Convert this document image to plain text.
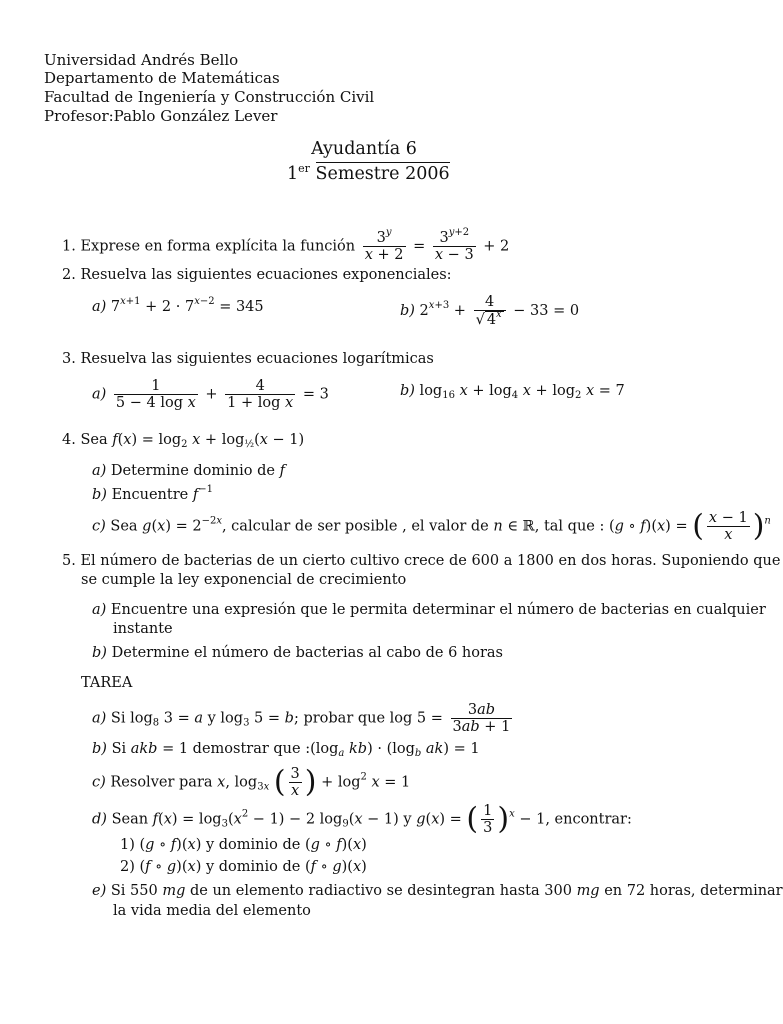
Universidad Andrés Bello
Departamento de Matemáticas
Facultad de Ingeniería y Construcción Civil
Profesor:Pablo González Lever
Ayudantía 6
1er Semestre 2006
1. Exprese en forma explícita la función $\frac{3^y}{x + 2} = \frac{3^{y+2}}{x - 3} + 2$
2. Resuelva las siguientes ecuaciones exponenciales:
a) $7^{x+1} + 2 \cdot 7^{x-2} = 345$	b) $2^{x+3} + \frac{4}{√ 4^x} - 33 = 0$
3. Resuelva las siguientes ecuaciones logarítmicas
$a) \frac{1}{\text{5 − 4 log x}} + \frac{4}{\text{1 + log x}} = 3$	b) $\log_{16} x + \log_4 x + \log_2 x = 7$
4. Sea $f(x) = \log_2 x + \log_{\frac{1}{2}}(x - 1)$
a) Determine dominio de f
b) Encuentre $f^{-1}$
c) Sea $g(x) = 2^{-2x}$, calcular de ser posible , el valor de n ∈ ℝ, tal que : (g ∘ f)(x) = ( $\frac{x - 1}{x} )^n$
5. El número de bacterias de un cierto cultivo crece de 600 a 1800 en dos horas. Suponiendo que
se cumple la ley exponencial de crecimiento
a) Encuentre una expresión que le permita determinar el número de bacterias en cualquier
instante
b) Determine el número de bacterias al cabo de 6 horas
TAREA
a) Si $\log_8 3 = a$ y $\log_3 5 = b$; probar que $\log 5 = \frac{3ab}{3ab + 1}$
b) Si akb = 1 demostrar que $:(\log_a$ $kb) \cdot (\log_b$ ak) = 1
c) Resolver para x, $\log_{3x}$ ( $\frac{3}{x}$ ) + $\log^2 x = 1$
d) Sean $f(x) = \log_3(x^2 - 1) - 2$ $\log_9(x - 1)$ y g(x) = ( $\frac{1}{3} )^x - 1$, encontrar:
1) (g ∘ f)(x) y dominio de (g ∘ f)(x)
2) (f ∘ g)(x) y dominio de (f ∘ g)(x)
e) Si 550 mg de un elemento radiactivo se desintegran hasta 300 mg en 72 horas, determinar
la vida media del elemento
